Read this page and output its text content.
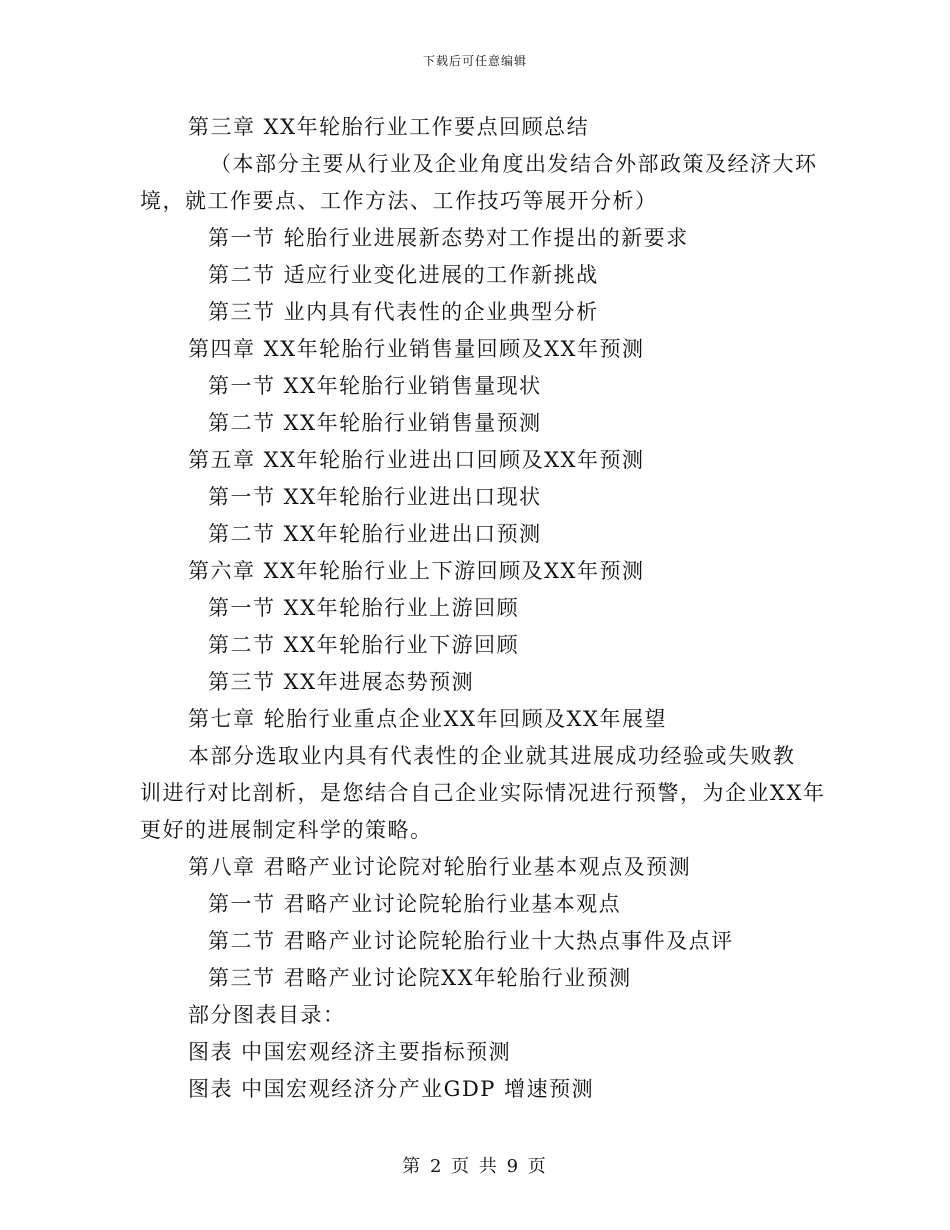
下载后可任意编辑
第三章 XX年轮胎行业工作要点回顾总结
（本部分主要从行业及企业角度出发结合外部政策及经济大环
境，就工作要点、工作方法、工作技巧等展开分析）
第一节 轮胎行业进展新态势对工作提出的新要求
第二节 适应行业变化进展的工作新挑战
第三节 业内具有代表性的企业典型分析
第四章 XX年轮胎行业销售量回顾及XX年预测
第一节 XX年轮胎行业销售量现状
第二节 XX年轮胎行业销售量预测
第五章 XX年轮胎行业进出口回顾及XX年预测
第一节 XX年轮胎行业进出口现状
第二节 XX年轮胎行业进出口预测
第六章 XX年轮胎行业上下游回顾及XX年预测
第一节 XX年轮胎行业上游回顾
第二节 XX年轮胎行业下游回顾
第三节 XX年进展态势预测
第七章 轮胎行业重点企业XX年回顾及XX年展望
本部分选取业内具有代表性的企业就其进展成功经验或失败教
训进行对比剖析，是您结合自己企业实际情况进行预警，为企业XX年
更好的进展制定科学的策略。
第八章 君略产业讨论院对轮胎行业基本观点及预测
第一节 君略产业讨论院轮胎行业基本观点
第二节 君略产业讨论院轮胎行业十大热点事件及点评
第三节 君略产业讨论院XX年轮胎行业预测
部分图表目录：
图表 中国宏观经济主要指标预测
图表 中国宏观经济分产业GDP 增速预测
第 2 页 共 9 页
